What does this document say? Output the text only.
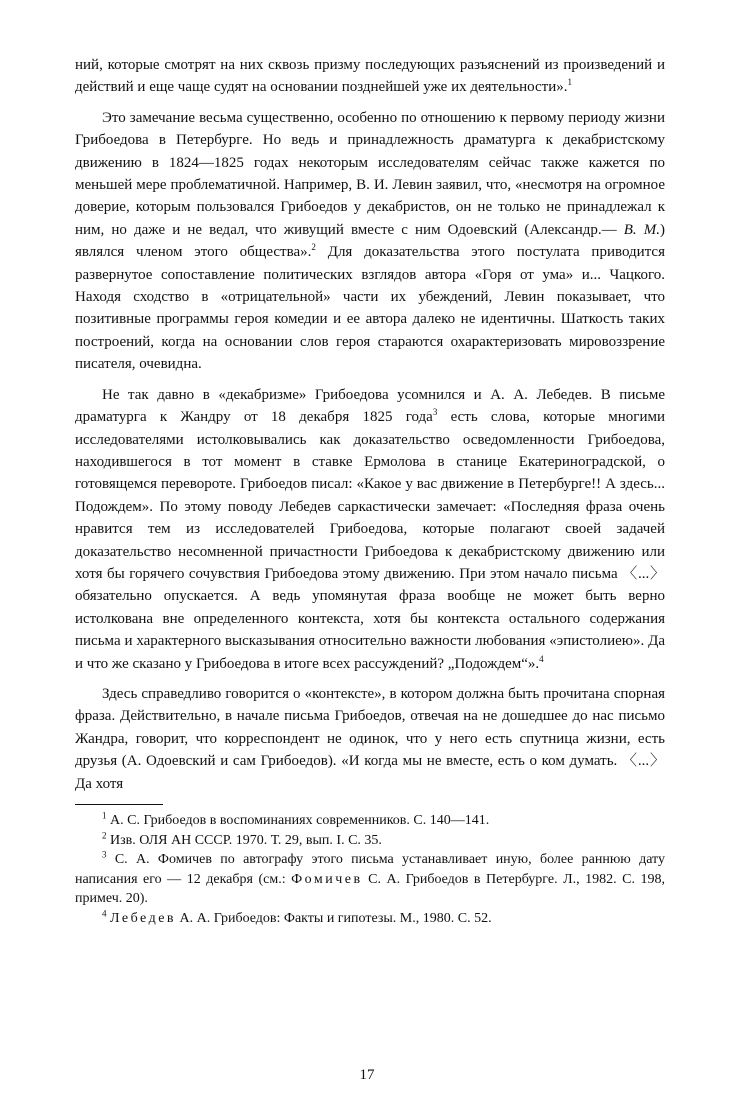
ний, которые смотрят на них сквозь призму последующих разъяснений из произведений и действий и еще чаще судят на основании позднейшей уже их деятельности».$^1$

Это замечание весьма существенно, особенно по отношению к первому периоду жизни Грибоедова в Петербурге. Но ведь и принадлежность драматурга к декабристскому движению в 1824—1825 годах некоторым исследователям сейчас также кажется по меньшей мере проблематичной. Например, В. И. Левин заявил, что, «несмотря на огромное доверие, которым пользовался Грибоедов у декабристов, он не только не принадлежал к ним, но даже и не ведал, что живущий вместе с ним Одоевский (Александр.— В. М.) являлся членом этого общества».$^2$ Для доказательства этого постулата приводится развернутое сопоставление политических взглядов автора «Горя от ума» и... Чацкого. Находя сходство в «отрицательной» части их убеждений, Левин показывает, что позитивные программы героя комедии и ее автора далеко не идентичны. Шаткость таких построений, когда на основании слов героя стараются охарактеризовать мировоззрение писателя, очевидна.

Не так давно в «декабризме» Грибоедова усомнился и А. А. Лебедев. В письме драматурга к Жандру от 18 декабря 1825 года$^3$ есть слова, которые многими исследователями истолковывались как доказательство осведомленности Грибоедова, находившегося в тот момент в ставке Ермолова в станице Екатериноградской, о готовящемся перевороте. Грибоедов писал: «Какое у вас движение в Петербурге!! А здесь... Подождем». По этому поводу Лебедев саркастически замечает: «Последняя фраза очень нравится тем из исследователей Грибоедова, которые полагают своей задачей доказательство несомненной причастности Грибоедова к декабристскому движению или хотя бы горячего сочувствия Грибоедова этому движению. При этом начало письма 〈...〉 обязательно опускается. А ведь упомянутая фраза вообще не может быть верно истолкована вне определенного контекста, хотя бы контекста остального содержания письма и характерного высказывания относительно важности любования «эпистолиею». Да и что же сказано у Грибоедова в итоге всех рассуждений? „Подождем“».$^4$

Здесь справедливо говорится о «контексте», в котором должна быть прочитана спорная фраза. Действительно, в начале письма Грибоедов, отвечая на не дошедшее до нас письмо Жандра, говорит, что корреспондент не одинок, что у него есть спутница жизни, есть друзья (А. Одоевский и сам Грибоедов). «И когда мы не вместе, есть о ком думать. 〈...〉 Да хотя

$^1$ А. С. Грибоедов в воспоминаниях современников. С. 140—141.

$^2$ Изв. ОЛЯ АН СССР. 1970. Т. 29, вып. I. С. 35.

$^3$ С. А. Фомичев по автографу этого письма устанавливает иную, более раннюю дату написания его — 12 декабря (см.: Фомичев С. А. Грибоедов в Петербурге. Л., 1982. С. 198, примеч. 20).

$^4$ Лебедев А. А. Грибоедов: Факты и гипотезы. М., 1980. С. 52.

17
